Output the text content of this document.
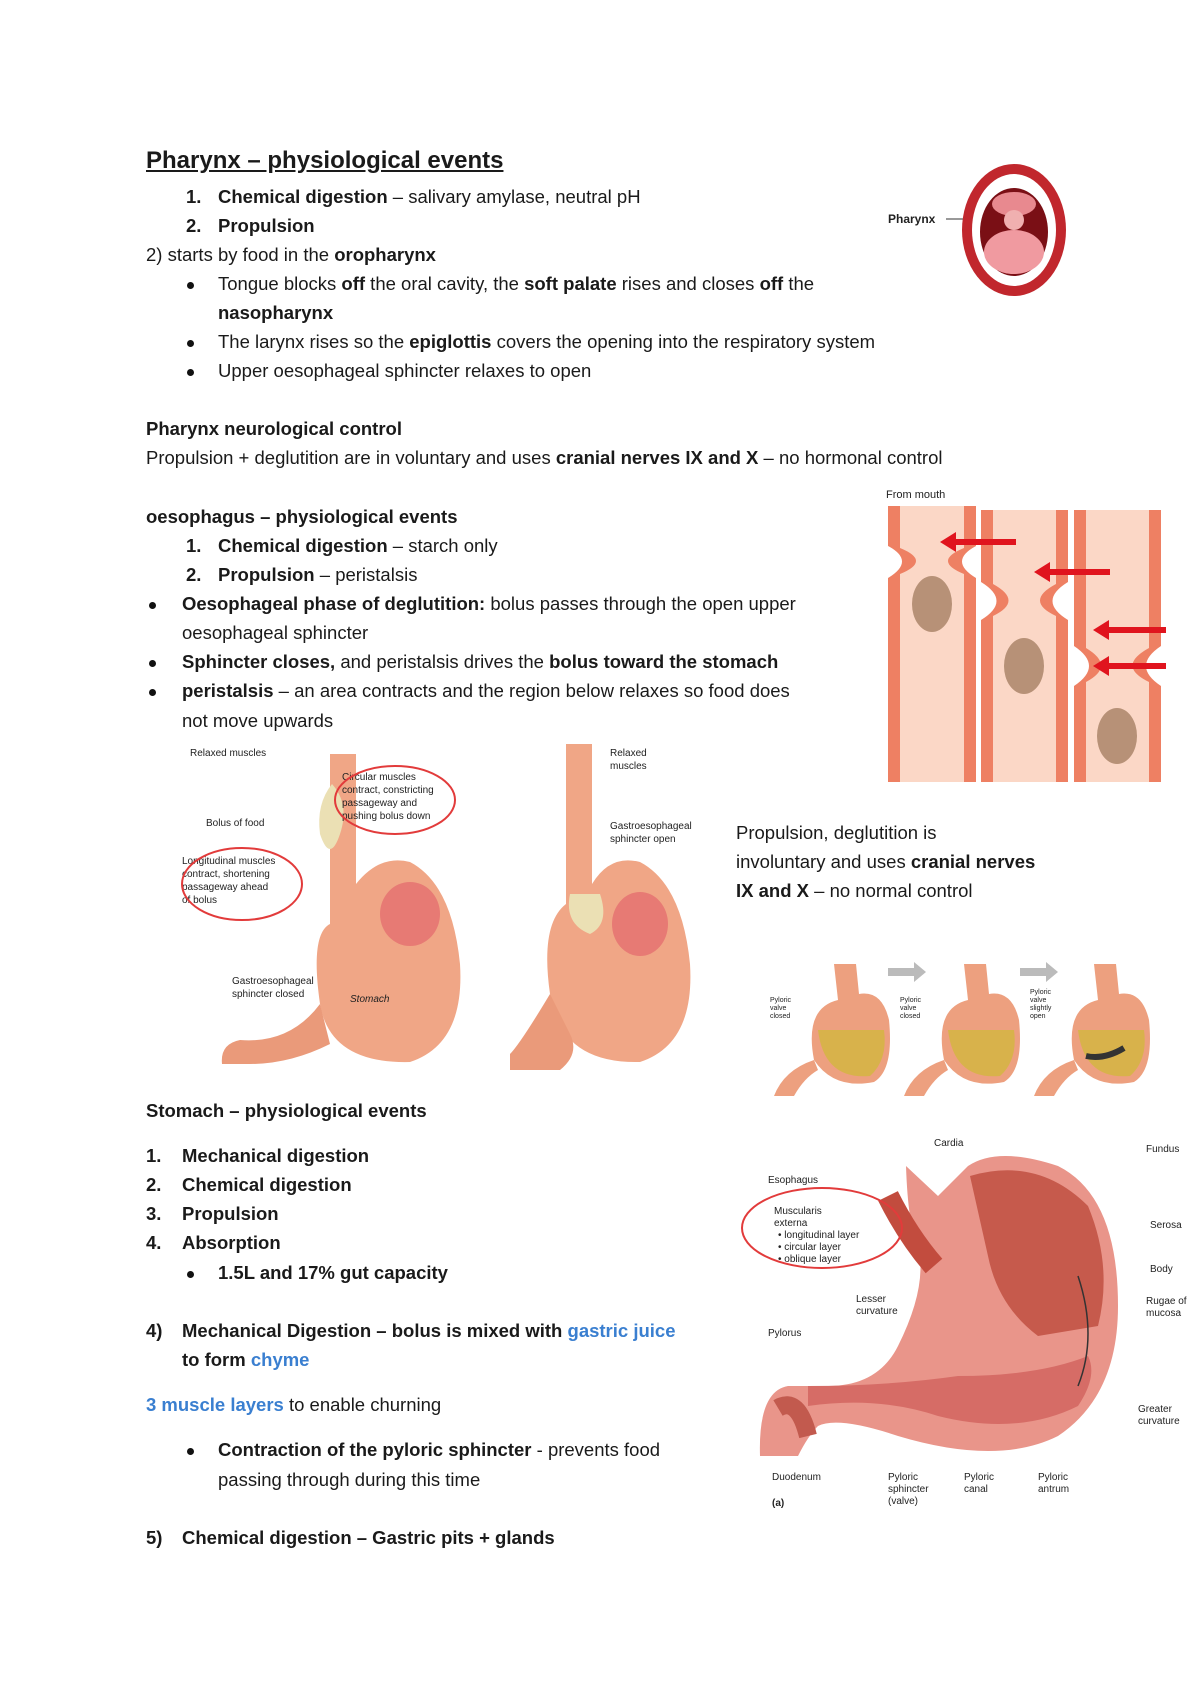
Pharynx – physiological events
1. Chemical digestion – salivary amylase, neutral pH
2. Propulsion
2) starts by food in the oropharynx
Tongue blocks off the oral cavity, the soft palate rises and closes off the
nasopharynx
The larynx rises so the epiglottis covers the opening into the respiratory system
Upper oesophageal sphincter relaxes to open
Pharynx
Pharynx neurological control
Propulsion + deglutition are in voluntary and uses cranial nerves IX and X – no hormonal control
oesophagus – physiological events
1. Chemical digestion – starch only
2. Propulsion – peristalsis
Oesophageal phase of deglutition: bolus passes through the open upper
oesophageal sphincter
Sphincter closes, and peristalsis drives the bolus toward the stomach
peristalsis – an area contracts and the region below relaxes so food does
not move upwards
From mouth
Relaxed muscles
Circular muscles
contract, constricting
passageway and
pushing bolus down
Bolus of food
Longitudinal muscles
contract, shortening
passageway ahead
of bolus
Gastroesophageal
sphincter closed	Stomach
Relaxed
muscles
Gastroesophageal
sphincter open	Propulsion, deglutition is
involuntary and uses cranial nerves
IX and X – no normal control
Pyloric
valve
closed
Pyloric
valve
closed
Pyloric
valve
slightly
open
Stomach – physiological events
1. Mechanical digestion
2. Chemical digestion
3. Propulsion
4. Absorption
1.5L and 17% gut capacity
4) Mechanical Digestion – bolus is mixed with gastric juice
to form chyme
3 muscle layers to enable churning
Contraction of the pyloric sphincter - prevents food
passing through during this time
5) Chemical digestion – Gastric pits + glands
Cardia
Fundus
Esophagus
Muscularis
externa
• longitudinal layer
• circular layer
• oblique layer
Serosa
Body
Rugae of
mucosa
Lesser
curvature
Pylorus
Greater
curvature
Duodenum	Pyloric
sphincter
(valve)
Pyloric
canal
Pyloric
antrum
(a)
